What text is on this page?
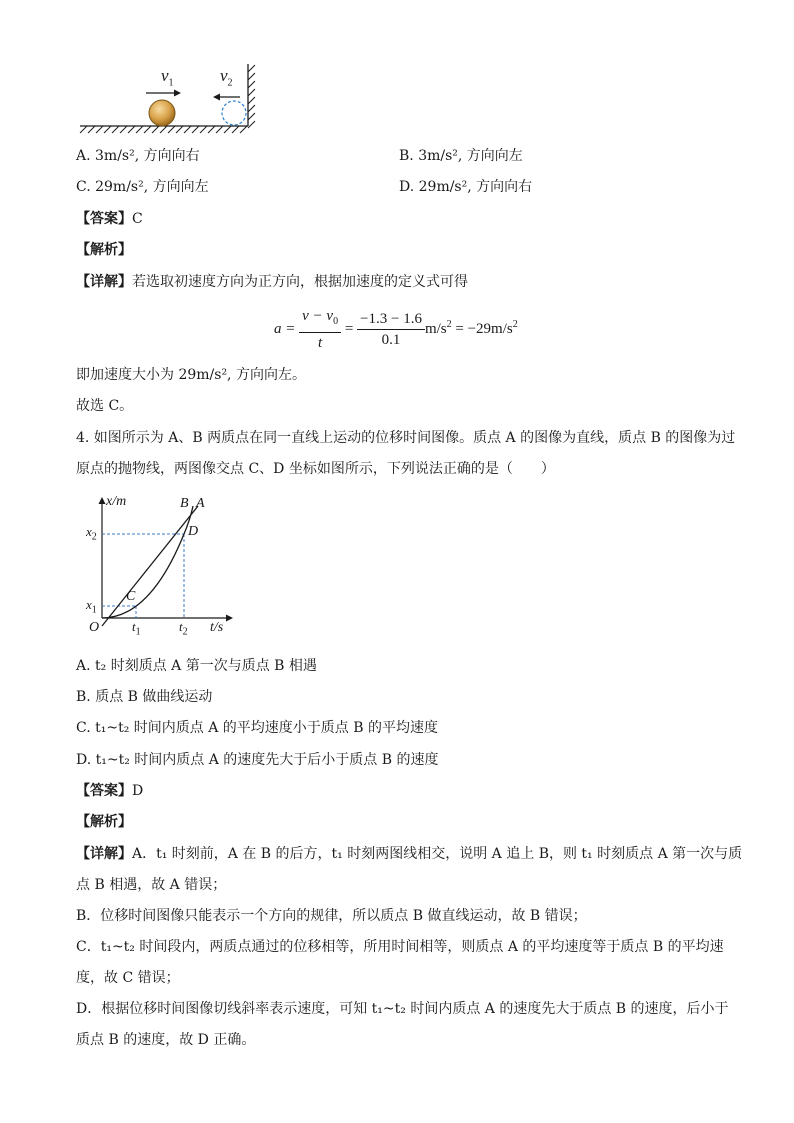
$v_1$	$v_2$
A. 3m/s², 方向向右	B. 3m/s², 方向向左
C. 29m/s², 方向向左	D. 29m/s², 方向向右
【答案】C
【解析】
【详解】若选取初速度方向为正方向，根据加速度的定义式可得
$a = \frac{v - v_0}{t} = \frac{-1.3 - 1.6}{0.1} m/s^2 = -29m/s^2$
即加速度大小为 29m/s², 方向向左。
故选 C。
4. 如图所示为 A、B 两质点在同一直线上运动的位移时间图像。质点 A 的图像为直线，质点 B 的图像为过
原点的抛物线，两图像交点 C、D 坐标如图所示，下列说法正确的是（　　）
x/m
t/s
O
$x_1$
$x_2$
$t_1$	$t_2$
C
D
B A
A. t₂ 时刻质点 A 第一次与质点 B 相遇
B. 质点 B 做曲线运动
C. t₁~t₂ 时间内质点 A 的平均速度小于质点 B 的平均速度
D. t₁~t₂ 时间内质点 A 的速度先大于后小于质点 B 的速度
【答案】D
【解析】
【详解】A．t₁ 时刻前，A 在 B 的后方，t₁ 时刻两图线相交，说明 A 追上 B，则 t₁ 时刻质点 A 第一次与质
点 B 相遇，故 A 错误；
B．位移时间图像只能表示一个方向的规律，所以质点 B 做直线运动，故 B 错误；
C．t₁~t₂ 时间段内，两质点通过的位移相等，所用时间相等，则质点 A 的平均速度等于质点 B 的平均速
度，故 C 错误；
D．根据位移时间图像切线斜率表示速度，可知 t₁~t₂ 时间内质点 A 的速度先大于质点 B 的速度，后小于
质点 B 的速度，故 D 正确。
